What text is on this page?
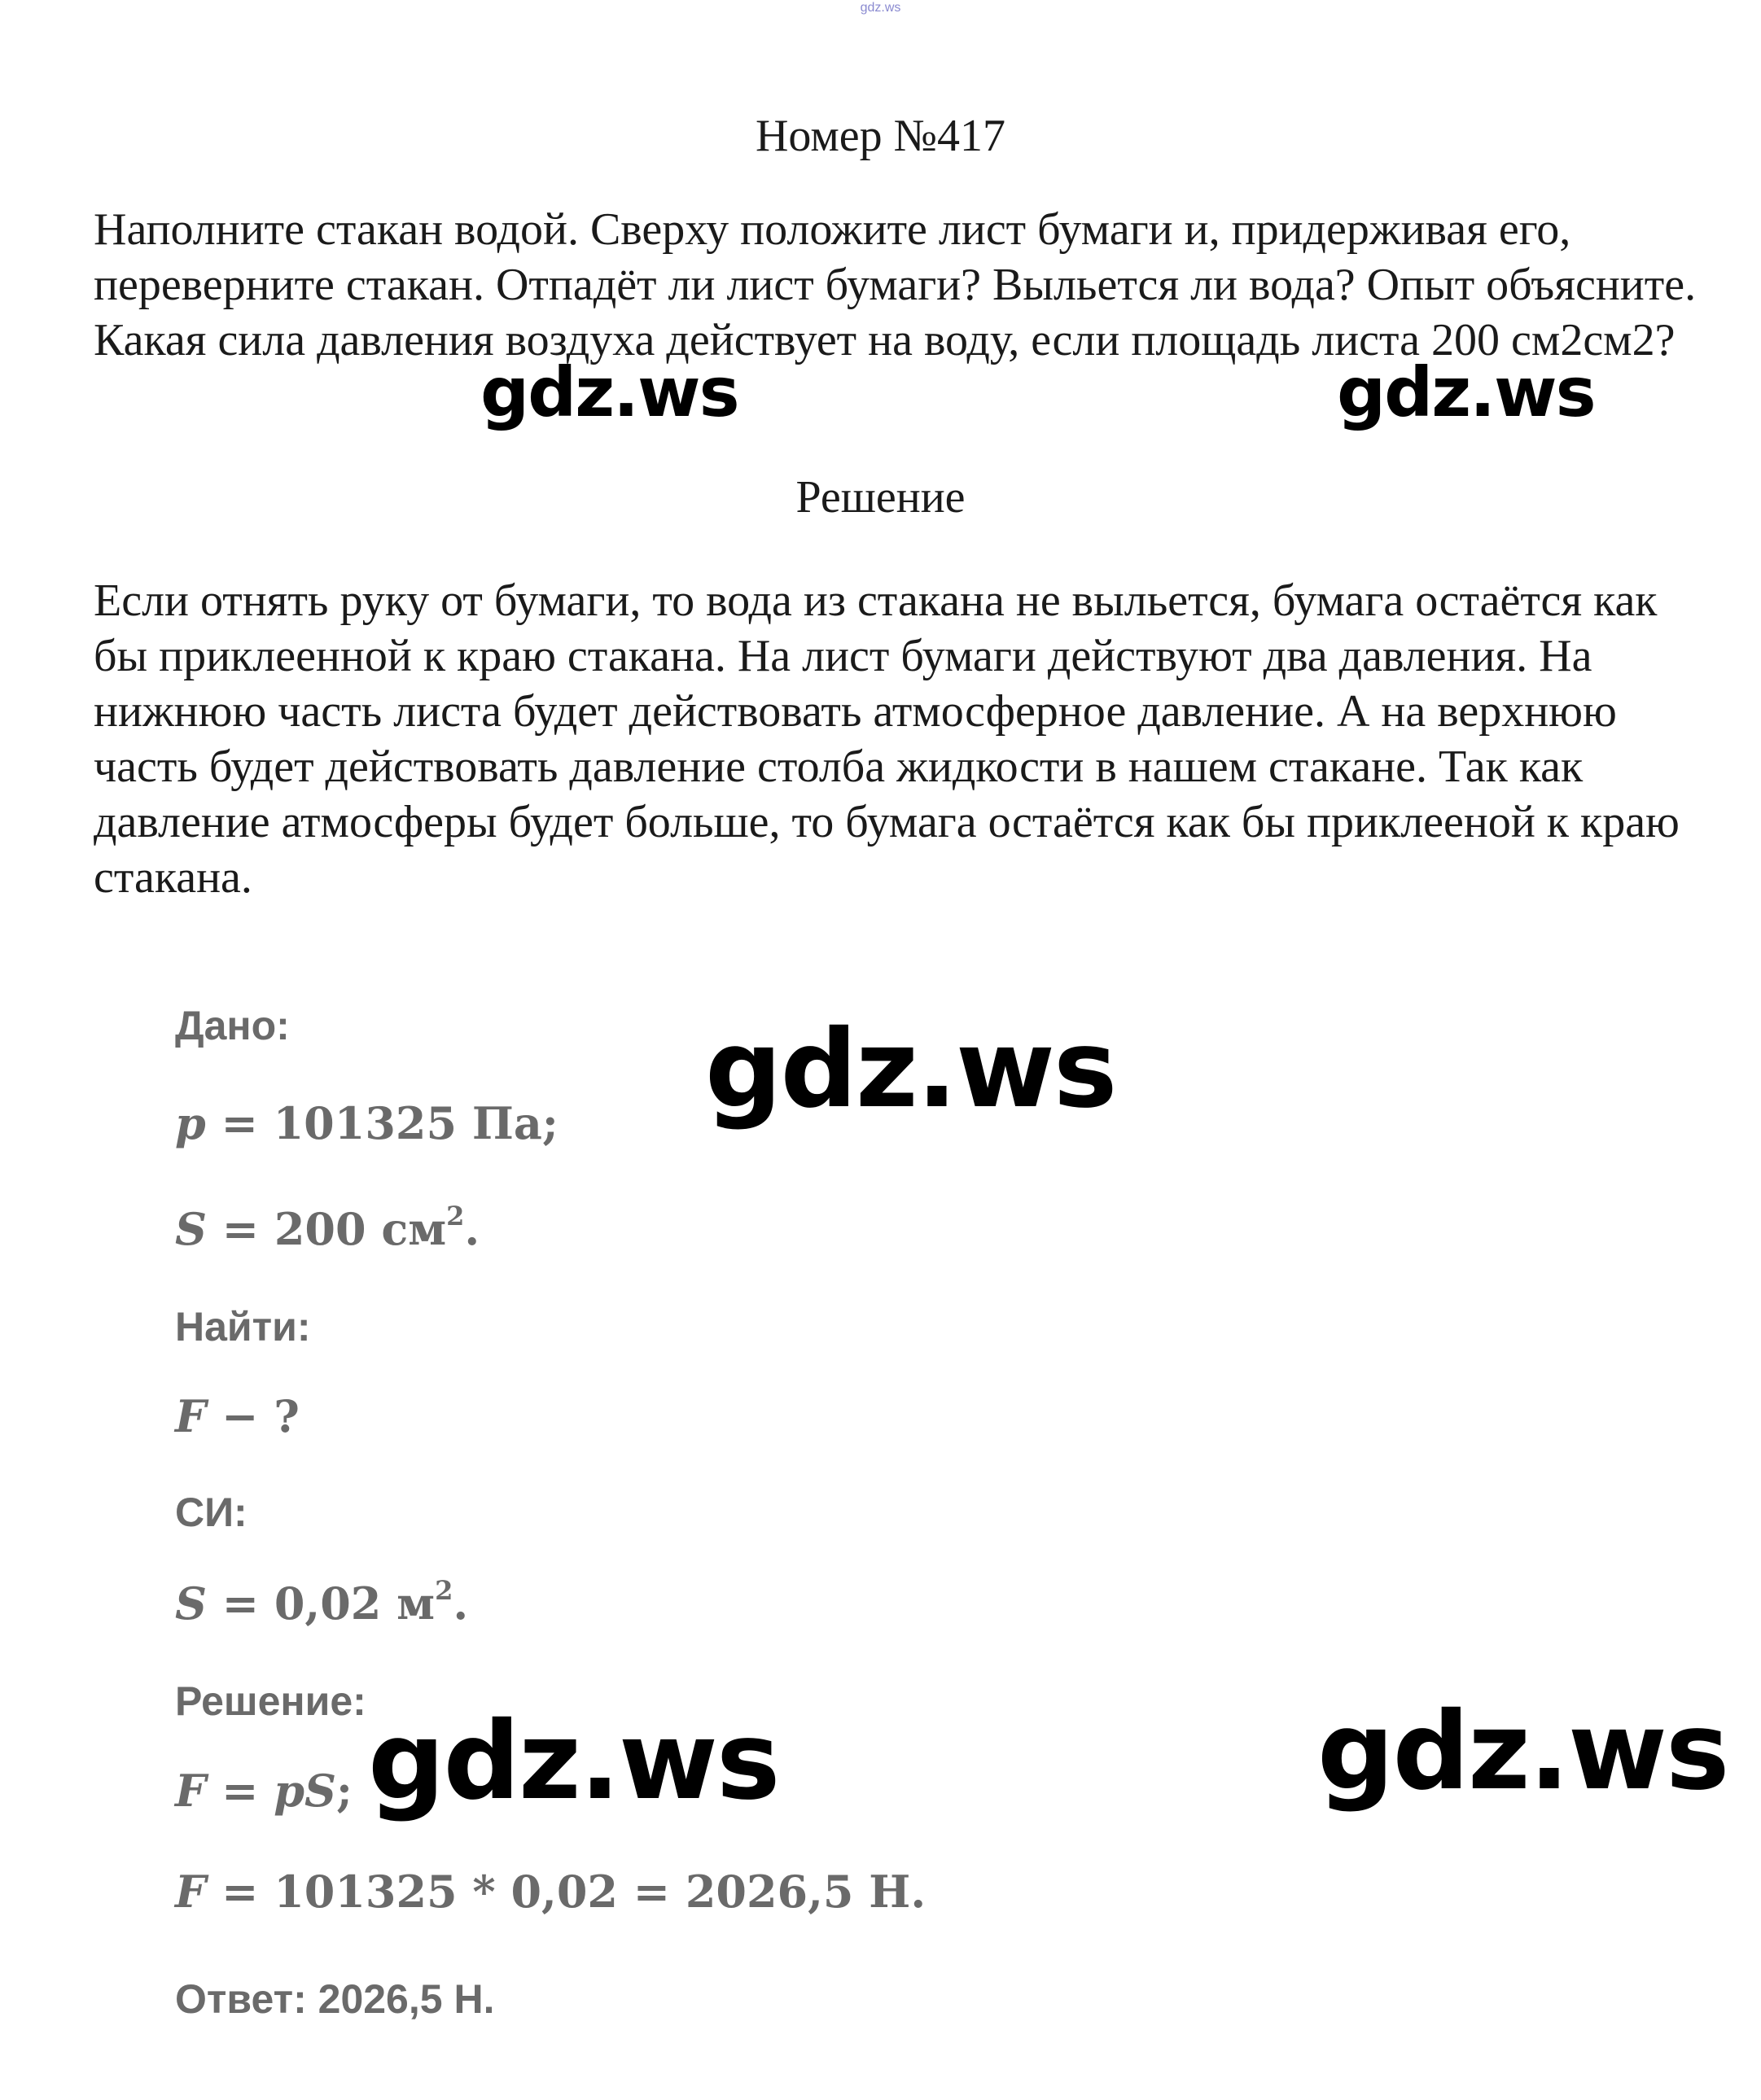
gdz.ws
Номер №417

Наполните стакан водой. Сверху положите лист бумаги и, придерживая его, переверните стакан. Отпадёт ли лист бумаги? Выльется ли вода? Опыт объясните. Какая сила давления воздуха действует на воду, если площадь листа 200 см2см2?

Решение

Если отнять руку от бумаги, то вода из стакана не выльется, бумага остаётся как бы приклеенной к краю стакана. На лист бумаги действуют два давления. На нижнюю часть листа будет действовать атмосферное давление. А на верхнюю часть будет действовать давление столба жидкости в нашем стакане. Так как давление атмосферы будет больше, то бумага остаётся как бы приклееной к краю стакана.

Дано:
p = 101325 Па;
S = 200 $см^2$.
Найти:
F − ?
СИ:
S = 0,02 $м^2$.
Решение:
F = pS;
F = 101325 * 0,02 = 2026,5 Н.
Ответ: 2026,5 Н.
gdz.ws	gdz.ws
gdz.ws
gdz.ws	gdz.ws
